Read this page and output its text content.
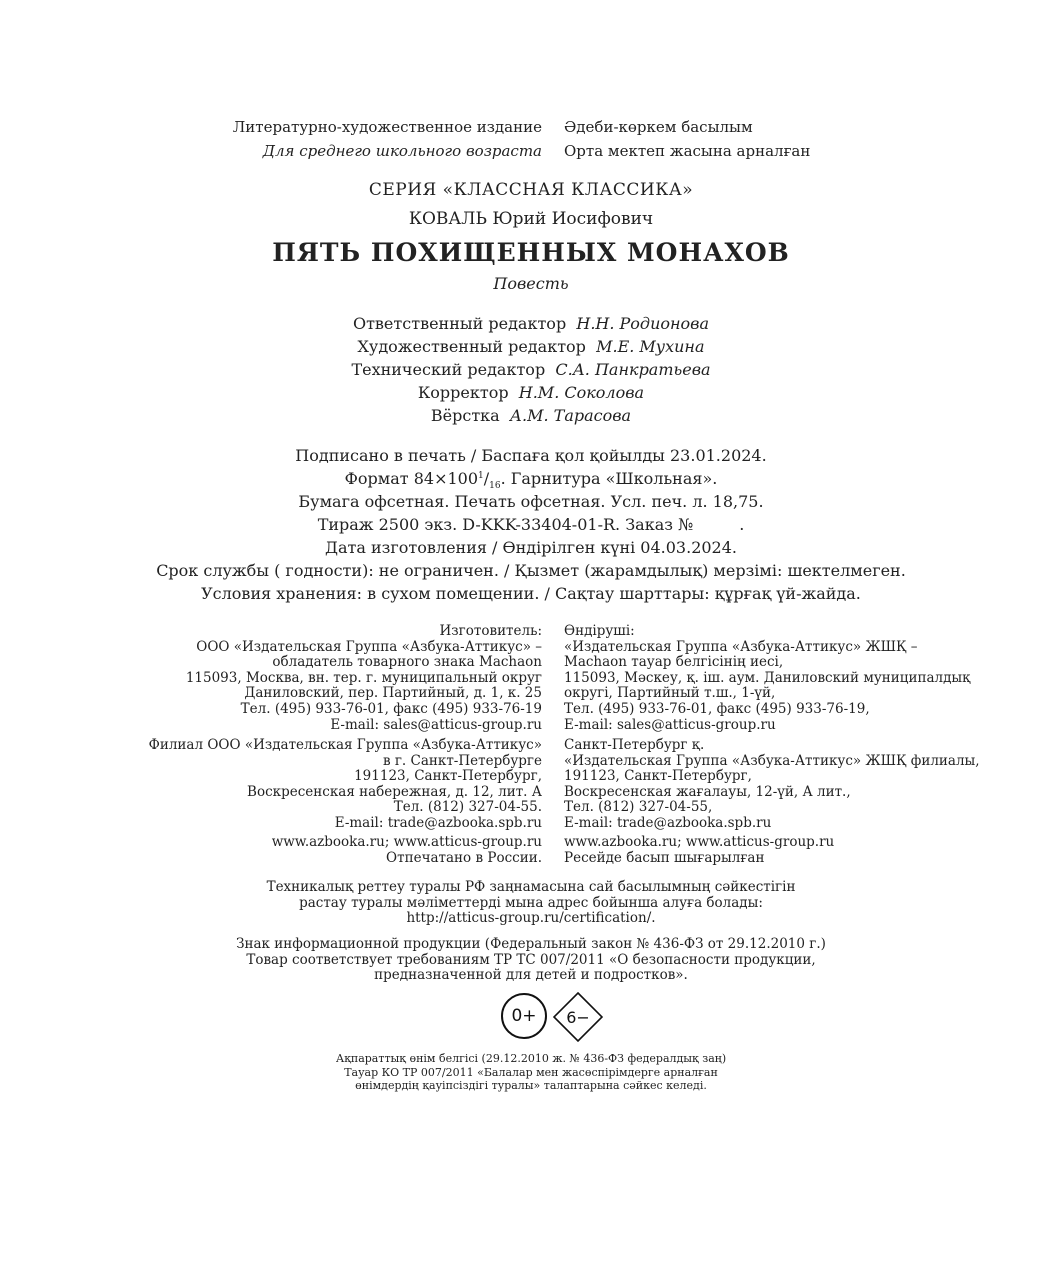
Литературно-художественное издание
Для среднего школьного возраста
Әдеби-көркем басылым
Орта мектеп жасына арналған
СЕРИЯ «КЛАССНАЯ КЛАССИКА»
КОВАЛЬ Юрий Иосифович
ПЯТЬ ПОХИЩЕННЫХ МОНАХОВ
Повесть
Ответственный редактор Н.Н. Родионова
Художественный редактор М.Е. Мухина
Технический редактор С.А. Панкратьева
Корректор Н.М. Соколова
Вёрстка А.М. Тарасова
Подписано в печать / Баспаға қол қойылды 23.01.2024.
Формат $84\times 100^1/_{16}$. Гарнитура «Школьная».
Бумага офсетная. Печать офсетная. Усл. печ. л. 18,75.
Тираж 2500 экз. D-KKK-33404-01-R. Заказ №	.
Дата изготовления / Өндірілген күні 04.03.2024.
Срок службы ( годности): не ограничен. / Қызмет (жарамдылық) мерзімі: шектелмеген.
Условия хранения: в сухом помещении. / Сақтау шарттары: құрғақ үй-жайда.
Изготовитель:
ООО «Издательская Группа «Азбука-Аттикус» –
обладатель товарного знака Machaon
115093, Москва, вн. тер. г. муниципальный округ
Даниловский, пер. Партийный, д. 1, к. 25
Тел. (495) 933-76-01, факс (495) 933-76-19
E-mail: sales@atticus-group.ru
Өндіруші:
«Издательская Группа «Азбука-Аттикус» ЖШҚ –
Machaon тауар белгісінің иесі,
115093, Мәскеу, қ. іш. аум. Даниловский муниципалдық
округі, Партийный т.ш., 1-үй,
Тел. (495) 933-76-01, факс (495) 933-76-19,
E-mail: sales@atticus-group.ru
Филиал ООО «Издательская Группа «Азбука-Аттикус»
в г. Санкт-Петербурге
191123, Санкт-Петербург,
Воскресенская набережная, д. 12, лит. А
Тел. (812) 327-04-55.
E-mail: trade@azbooka.spb.ru
Санкт-Петербург қ.
«Издательская Группа «Азбука-Аттикус» ЖШҚ филиалы,
191123, Санкт-Петербург,
Воскресенская жағалауы, 12-үй, А лит.,
Тел. (812) 327-04-55,
E-mail: trade@azbooka.spb.ru
www.azbooka.ru; www.atticus-group.ru
Отпечатано в России.
www.azbooka.ru; www.atticus-group.ru
Ресейде басып шығарылған
Техникалық реттеу туралы РФ заңнамасына сай басылымның сәйкестігін
растау туралы мәліметтерді мына адрес бойынша алуға болады:
http://atticus-group.ru/certification/.
Знак информационной продукции (Федеральный закон № 436-ФЗ от 29.12.2010 г.)
Товар соответствует требованиям ТР ТС 007/2011 «О безопасности продукции,
предназначенной для детей и подростков».
0+	6−
Ақпараттық өнім белгісі (29.12.2010 ж. № 436-ФЗ федералдық заң)
Тауар КО ТР 007/2011 «Балалар мен жасөспірімдерге арналған
өнімдердің қауіпсіздігі туралы» талаптарына сәйкес келеді.
